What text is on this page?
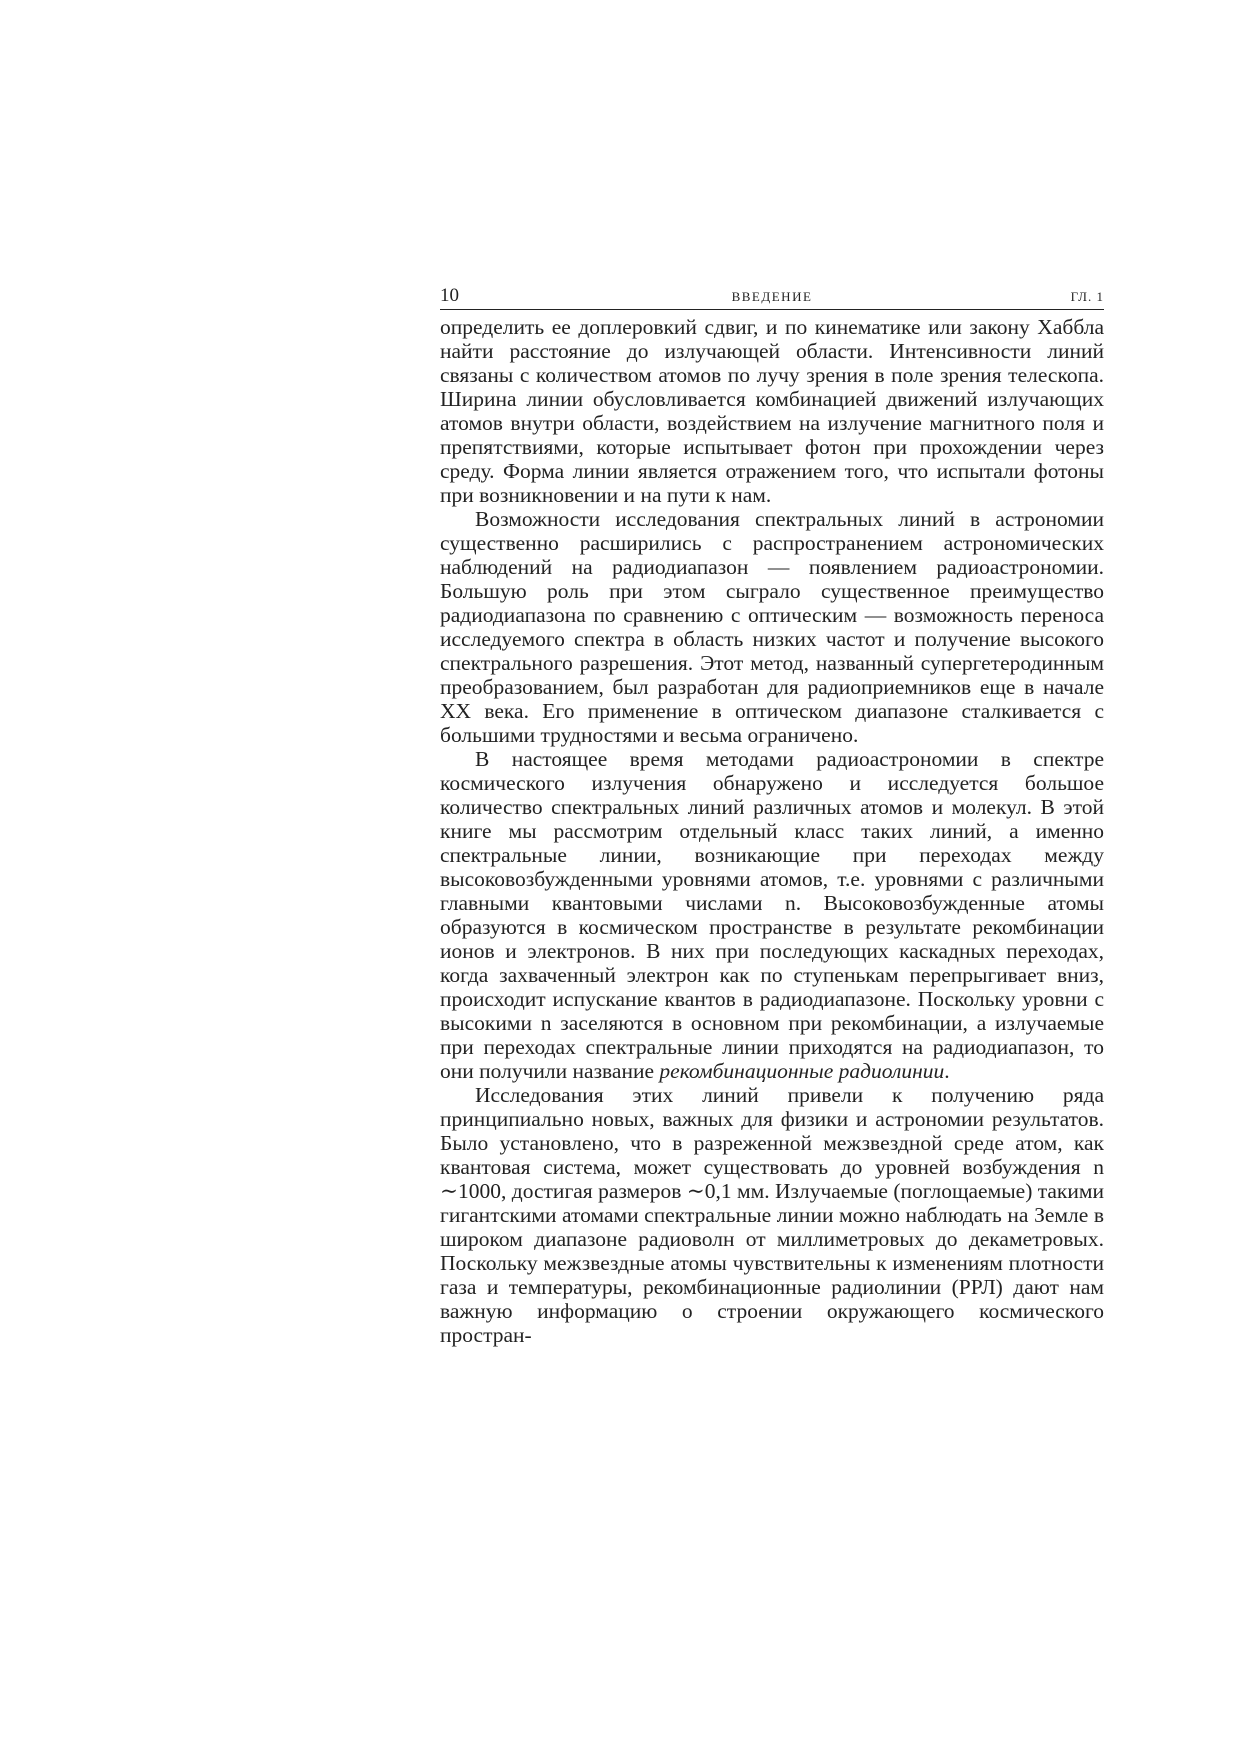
10	ВВЕДЕНИЕ	ГЛ. 1

определить ее доплеровкий сдвиг, и по кинематике или закону Хаббла найти расстояние до излучающей области. Интенсивности линий связаны с количеством атомов по лучу зрения в поле зрения телескопа. Ширина линии обусловливается комбинацией движений излучающих атомов внутри области, воздействием на излучение магнитного поля и препятствиями, которые испытывает фотон при прохождении через среду. Форма линии является отражением того, что испытали фотоны при возникновении и на пути к нам.

Возможности исследования спектральных линий в астрономии существенно расширились с распространением астрономических наблюдений на радиодиапазон — появлением радиоастрономии. Большую роль при этом сыграло существенное преимущество радиодиапазона по сравнению с оптическим — возможность переноса исследуемого спектра в область низких частот и получение высокого спектрального разрешения. Этот метод, названный супергетеродинным преобразованием, был разработан для радиоприемников еще в начале XX века. Его применение в оптическом диапазоне сталкивается с большими трудностями и весьма ограничено.

В настоящее время методами радиоастрономии в спектре космического излучения обнаружено и исследуется большое количество спектральных линий различных атомов и молекул. В этой книге мы рассмотрим отдельный класс таких линий, а именно спектральные линии, возникающие при переходах между высоковозбужденными уровнями атомов, т.е. уровнями с различными главными квантовыми числами n. Высоковозбужденные атомы образуются в космическом пространстве в результате рекомбинации ионов и электронов. В них при последующих каскадных переходах, когда захваченный электрон как по ступенькам перепрыгивает вниз, происходит испускание квантов в радиодиапазоне. Поскольку уровни с высокими n заселяются в основном при рекомбинации, а излучаемые при переходах спектральные линии приходятся на радиодиапазон, то они получили название рекомбинационные радиолинии.

Исследования этих линий привели к получению ряда принципиально новых, важных для физики и астрономии результатов. Было установлено, что в разреженной межзвездной среде атом, как квантовая система, может существовать до уровней возбуждения n ∼1000, достигая размеров ∼0,1 мм. Излучаемые (поглощаемые) такими гигантскими атомами спектральные линии можно наблюдать на Земле в широком диапазоне радиоволн от миллиметровых до декаметровых. Поскольку межзвездные атомы чувствительны к изменениям плотности газа и температуры, рекомбинационные радиолинии (РРЛ) дают нам важную информацию о строении окружающего космического простран-
